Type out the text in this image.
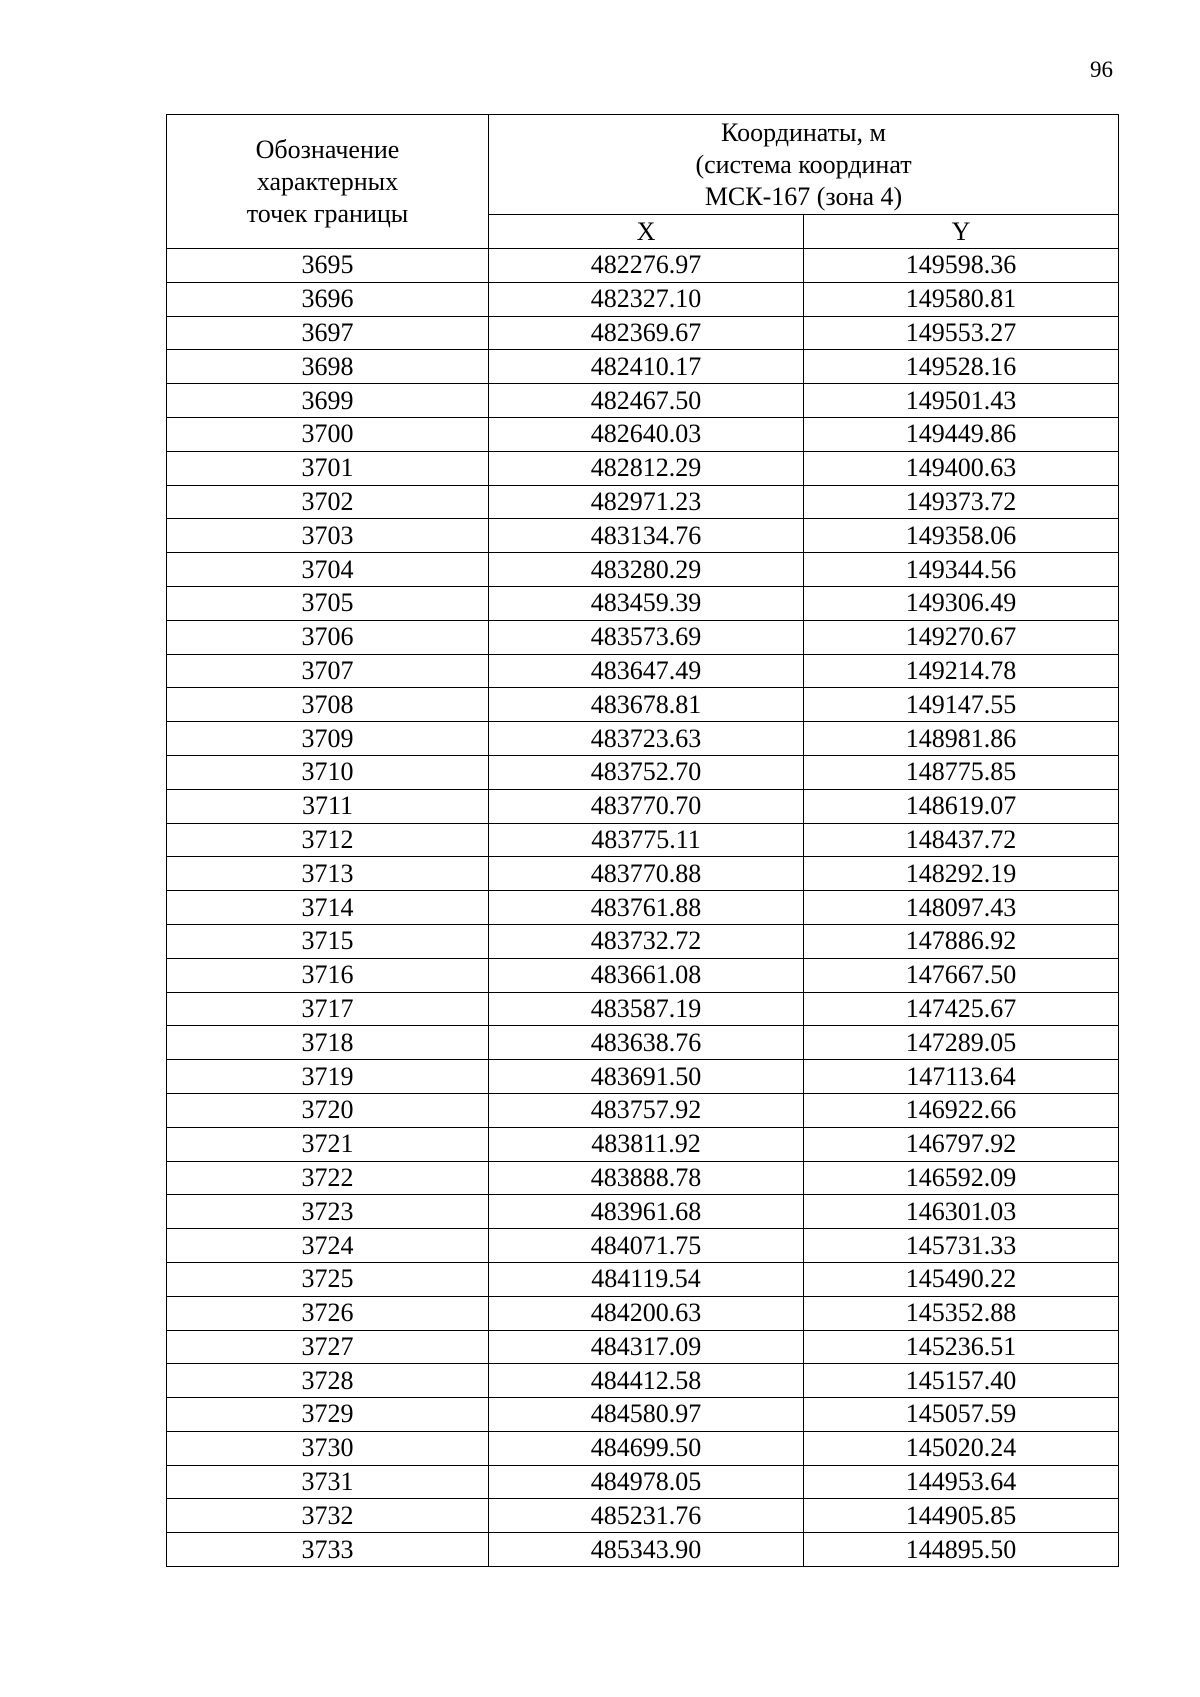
96
Обозначение
характерных
точек границы	Координаты, м
(система координат
МСК-167 (зона 4)	

	X	Y
3695	482276.97	149598.36
3696	482327.10	149580.81
3697	482369.67	149553.27
3698	482410.17	149528.16
3699	482467.50	149501.43
3700	482640.03	149449.86
3701	482812.29	149400.63
3702	482971.23	149373.72
3703	483134.76	149358.06
3704	483280.29	149344.56
3705	483459.39	149306.49
3706	483573.69	149270.67
3707	483647.49	149214.78
3708	483678.81	149147.55
3709	483723.63	148981.86
3710	483752.70	148775.85
3711	483770.70	148619.07
3712	483775.11	148437.72
3713	483770.88	148292.19
3714	483761.88	148097.43
3715	483732.72	147886.92
3716	483661.08	147667.50
3717	483587.19	147425.67
3718	483638.76	147289.05
3719	483691.50	147113.64
3720	483757.92	146922.66
3721	483811.92	146797.92
3722	483888.78	146592.09
3723	483961.68	146301.03
3724	484071.75	145731.33
3725	484119.54	145490.22
3726	484200.63	145352.88
3727	484317.09	145236.51
3728	484412.58	145157.40
3729	484580.97	145057.59
3730	484699.50	145020.24
3731	484978.05	144953.64
3732	485231.76	144905.85
3733	485343.90	144895.50
